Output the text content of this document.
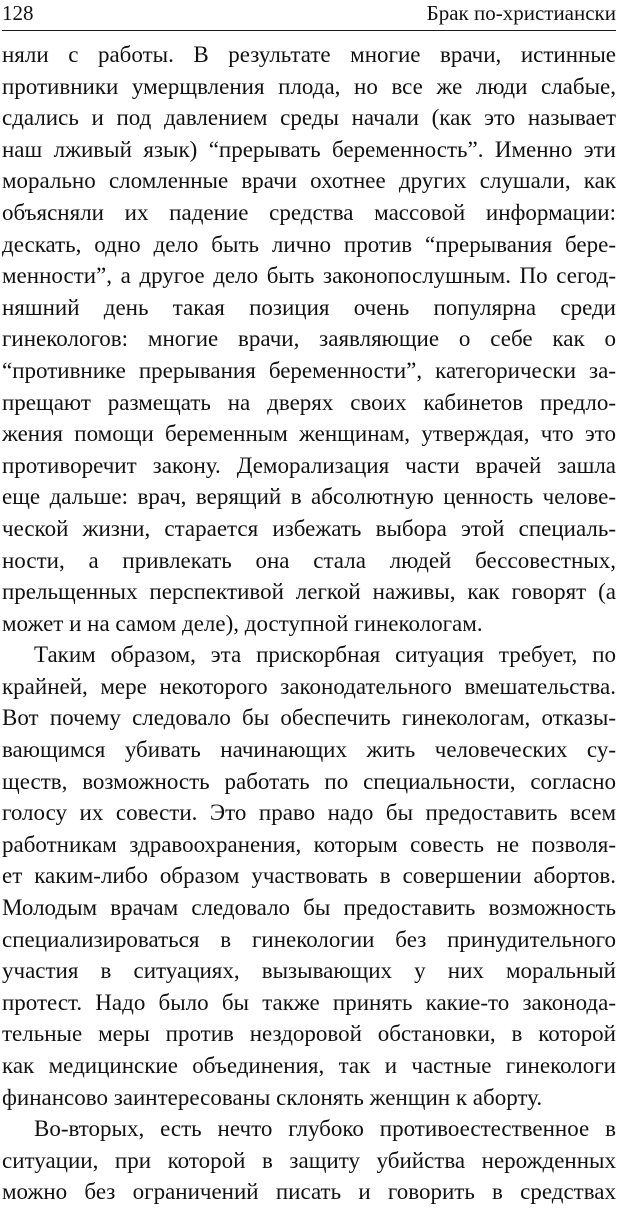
128	Брак по-христиански
няли с работы. В результате многие врачи, истинные
противники умерщвления плода, но все же люди слабые,
сдались и под давлением среды начали (как это называет
наш лживый язык) “прерывать беременность”. Именно эти
морально сломленные врачи охотнее других слушали, как
объясняли их падение средства массовой информации:
дескать, одно дело быть лично против “прерывания бере-
менности”, а другое дело быть законопослушным. По сегод-
няшний день такая позиция очень популярна среди
гинекологов: многие врачи, заявляющие о себе как о
“противнике прерывания беременности”, категорически за-
прещают размещать на дверях своих кабинетов предло-
жения помощи беременным женщинам, утверждая, что это
противоречит закону. Деморализация части врачей зашла
еще дальше: врач, верящий в абсолютную ценность челове-
ческой жизни, старается избежать выбора этой специаль-
ности, а привлекать она стала людей бессовестных,
прельщенных перспективой легкой наживы, как говорят (а
может и на самом деле), доступной гинекологам.
Таким образом, эта прискорбная ситуация требует, по
крайней, мере некоторого законодательного вмешательства.
Вот почему следовало бы обеспечить гинекологам, отказы-
вающимся убивать начинающих жить человеческих су-
ществ, возможность работать по специальности, согласно
голосу их совести. Это право надо бы предоставить всем
работникам здравоохранения, которым совесть не позволя-
ет каким-либо образом участвовать в совершении абортов.
Молодым врачам следовало бы предоставить возможность
специализироваться в гинекологии без принудительного
участия в ситуациях, вызывающих у них моральный
протест. Надо было бы также принять какие-то законода-
тельные меры против нездоровой обстановки, в которой
как медицинские объединения, так и частные гинекологи
финансово заинтересованы склонять женщин к аборту.
Во-вторых, есть нечто глубоко противоестественное в
ситуации, при которой в защиту убийства нерожденных
можно без ограничений писать и говорить в средствах
